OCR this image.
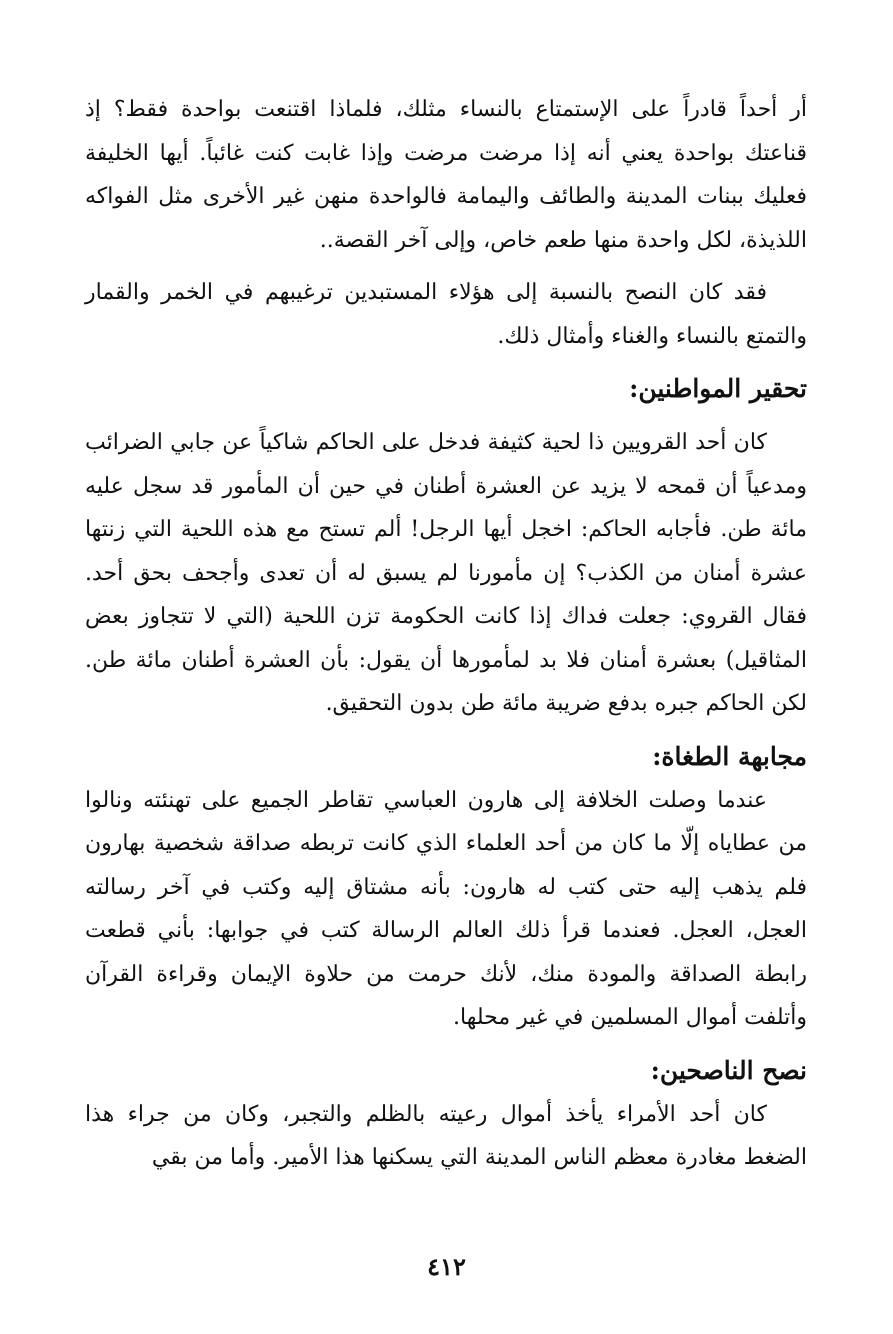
أر أحداً قادراً على الإستمتاع بالنساء مثلك، فلماذا اقتنعت بواحدة فقط؟ إذ قناعتك بواحدة يعني أنه إذا مرضت مرضت وإذا غابت كنت غائباً. أيها الخليفة فعليك ببنات المدينة والطائف واليمامة فالواحدة منهن غير الأخرى مثل الفواكه اللذيذة، لكل واحدة منها طعم خاص، وإلى آخر القصة..

فقد كان النصح بالنسبة إلى هؤلاء المستبدين ترغيبهم في الخمر والقمار والتمتع بالنساء والغناء وأمثال ذلك.

تحقير المواطنين:

كان أحد القرويين ذا لحية كثيفة فدخل على الحاكم شاكياً عن جابي الضرائب ومدعياً أن قمحه لا يزيد عن العشرة أطنان في حين أن المأمور قد سجل عليه مائة طن. فأجابه الحاكم: اخجل أيها الرجل! ألم تستح مع هذه اللحية التي زنتها عشرة أمنان من الكذب؟ إن مأمورنا لم يسبق له أن تعدى وأجحف بحق أحد. فقال القروي: جعلت فداك إذا كانت الحكومة تزن اللحية (التي لا تتجاوز بعض المثاقيل) بعشرة أمنان فلا بد لمأمورها أن يقول: بأن العشرة أطنان مائة طن. لكن الحاكم جبره بدفع ضريبة مائة طن بدون التحقيق.

مجابهة الطغاة:

عندما وصلت الخلافة إلى هارون العباسي تقاطر الجميع على تهنئته ونالوا من عطاياه إلّا ما كان من أحد العلماء الذي كانت تربطه صداقة شخصية بهارون فلم يذهب إليه حتى كتب له هارون: بأنه مشتاق إليه وكتب في آخر رسالته العجل، العجل. فعندما قرأ ذلك العالم الرسالة كتب في جوابها: بأني قطعت رابطة الصداقة والمودة منك، لأنك حرمت من حلاوة الإيمان وقراءة القرآن وأتلفت أموال المسلمين في غير محلها.

نصح الناصحين:

كان أحد الأمراء يأخذ أموال رعيته بالظلم والتجبر، وكان من جراء هذا الضغط مغادرة معظم الناس المدينة التي يسكنها هذا الأمير. وأما من بقي

٤١٢
